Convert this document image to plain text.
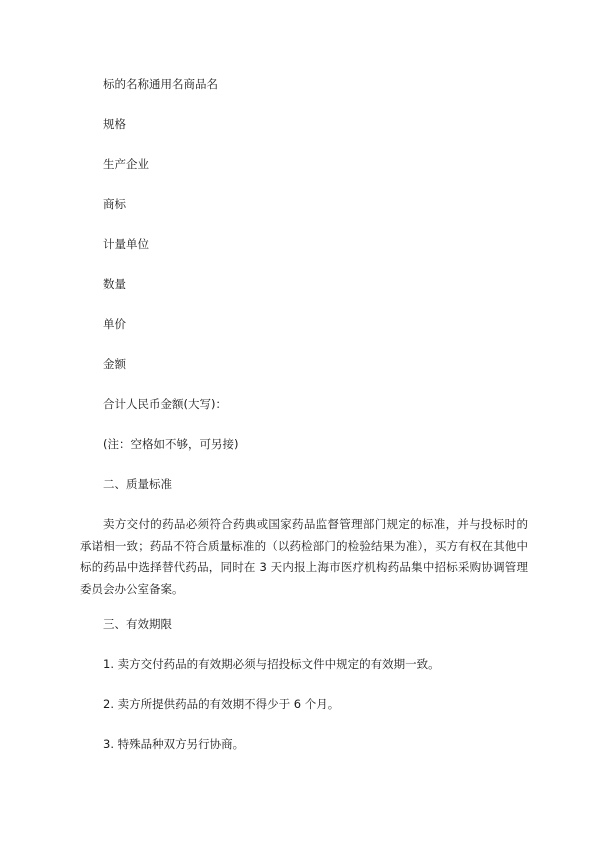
标的名称通用名商品名
规格
生产企业
商标
计量单位
数量
单价
金额
合计人民币金额(大写)：
(注：空格如不够，可另接)
二、质量标准
卖方交付的药品必须符合药典或国家药品监督管理部门规定的标准，并与投标时的承诺相一致；药品不符合质量标准的（以药检部门的检验结果为准），买方有权在其他中标的药品中选择替代药品，同时在 3 天内报上海市医疗机构药品集中招标采购协调管理委员会办公室备案。
三、有效期限
1. 卖方交付药品的有效期必须与招投标文件中规定的有效期一致。
2. 卖方所提供药品的有效期不得少于 6 个月。
3. 特殊品种双方另行协商。
